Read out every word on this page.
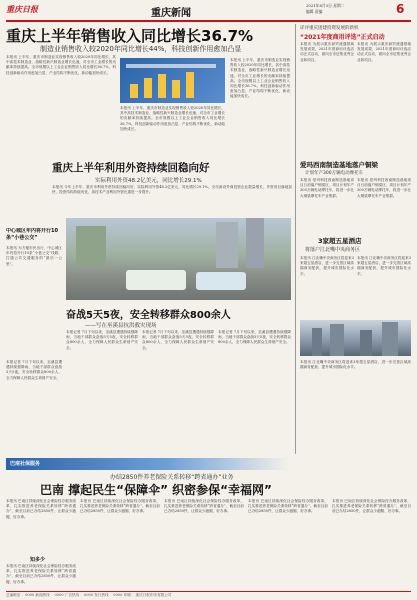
重庆日报	重庆新闻
2021年8月3日 星期二
编辑 责编	6
重庆上半年销售收入同比增长36.7%
制造业销售收入较2020年同比增长44%，科技创新作用愈加凸显
本报讯 上半年，重庆市制造业实现销售收入较2020年同比增长，其中高技术制造业、战略性新兴制造业增长迅速，对全市工业增长的贡献率持续提高。全市规模以上工业企业销售收入同比增长36.7%，科技创新驱动作用愈加凸显，产业结构不断优化，新动能加快成长。
本报讯 上半年，重庆市制造业实现销售收入较2020年同比增长，其中高技术制造业、战略性新兴制造业增长迅速，对全市工业增长的贡献率持续提高。全市规模以上工业企业销售收入同比增长36.7%，科技创新驱动作用愈加凸显，产业结构不断优化，新动能加快成长。
本报讯 上半年，重庆市制造业实现销售收入较2020年同比增长，其中高技术制造业、战略性新兴制造业增长迅速，对全市工业增长的贡献率持续提高。全市规模以上工业企业销售收入同比增长36.7%，科技创新驱动作用愈加凸显，产业结构不断优化，新动能加快成长。
重庆上半年利用外资持续回稳向好
实际利用外资48.2亿美元，同比增长29.1%
本报讯 今年上半年，重庆市利用外资持续回稳向好，实际利用外资48.2亿美元，同比增长29.1%。全市新设外商投资企业数量增长，外资项目落地加快，投资结构持续优化，高技术产业利用外资比重进一步提升。
中心城区年内将开行10条“小巷公交”
本报讯 为方便市民出行，中心城区年内将开行10条“小巷公交”线路，打通公共交通服务的“最后一公里”。
本报记者 7月下旬以来，巫溪县遭遇持续强降雨，当地干部群众奋战5天5夜，安全转移群众800余人，全力保障人民群众生命财产安全。
奋战5天5夜，安全转移群众800余人
——写在巫溪县抗洪救灾现场
本报记者 7月下旬以来，巫溪县遭遇持续强降雨，当地干部群众奋战5天5夜，安全转移群众800余人，全力保障人民群众生命财产安全。
本报记者 7月下旬以来，巫溪县遭遇持续强降雨，当地干部群众奋战5天5夜，安全转移群众800余人，全力保障人民群众生命财产安全。
本报记者 7月下旬以来，巫溪县遭遇持续强降雨，当地干部群众奋战5天5夜，安全转移群众800余人，全力保障人民群众生命财产安全。
详评重庆团建投资发展的新机
“2021年度商用评选”正式启动
本报讯 为展示重庆商贸流通领域发展成果，2021年度商用评选活动正式启动，面向全市征集优秀企业和项目。
本报讯 为展示重庆商贸流通领域发展成果，2021年度商用评选活动正式启动，面向全市征集优秀企业和项目。
爱玛西南制造基地落户铜梁
计划年产300万辆电动摩托车
本报讯 爱玛科技西南制造基地项目日前落户铜梁区，项目计划年产300万辆电动摩托车，将进一步壮大铜梁摩托车产业集群。
本报讯 爱玛科技西南制造基地项目日前落户铜梁区，项目计划年产300万辆电动摩托车，将进一步壮大铜梁摩托车产业集群。
3家超五星酒店
将落户江北嘴中央商务区
本报讯 江北嘴中央商务区将迎来3家超五星酒店，进一步完善区域高端商务配套，提升城市国际化水平。
本报讯 江北嘴中央商务区将迎来3家超五星酒店，进一步完善区域高端商务配套，提升城市国际化水平。
本报讯 江北嘴中央商务区将迎来3家超五星酒店，进一步完善区域高端商务配套，提升城市国际化水平。
巴南社保服务
办结2850件养老保险关系转移“跨省通办”业务
巴南 撑起民生“保障伞” 织密参保“幸福网”
本报讯 巴南区持续深化社会保险经办服务改革，扎实推进养老保险关系转移“跨省通办”，截至目前已办结2850件，让群众少跑腿、好办事。
知多少
本报讯 巴南区持续深化社会保险经办服务改革，扎实推进养老保险关系转移“跨省通办”，截至目前已办结2850件，让群众少跑腿、好办事。
本报讯 巴南区持续深化社会保险经办服务改革，扎实推进养老保险关系转移“跨省通办”，截至目前已办结2850件，让群众少跑腿、好办事。
本报讯 巴南区持续深化社会保险经办服务改革，扎实推进养老保险关系转移“跨省通办”，截至目前已办结2850件，让群众少跑腿、好办事。
本报讯 巴南区持续深化社会保险经办服务改革，扎实推进养老保险关系转移“跨省通办”，截至目前已办结2850件，让群众少跑腿、好办事。
本报讯 巴南区持续深化社会保险经办服务改革，扎实推进养老保险关系转移“跨省通办”，截至目前已办结2850件，让群众少跑腿、好办事。
总编辑室 ：0000 新闻热线 ：0000 广告热线 ：0000 发行热线 ：0000 印刷 ：重庆日报印务有限公司
